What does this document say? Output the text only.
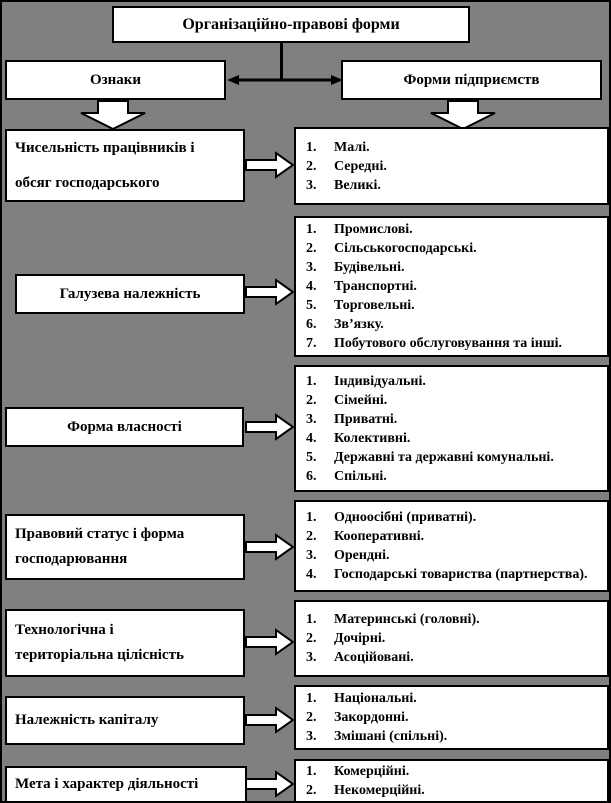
Організаційно-правові форми
Ознаки	Форми підприємств
Чисельність працівників і
обсяг господарського
1.	Малі.
2.	Середні.
3.	Великі.
Галузева належність
1.	Промислові.
2.	Сільськогосподарські.
3.	Будівельні.
4.	Транспортні.
5.	Торговельні.
6.	Зв’язку.
7.	Побутового обслуговування та інші.
Форма власності
1.	Індивідуальні.
2.	Сімейні.
3.	Приватні.
4.	Колективні.
5.	Державні та державні комунальні.
6.	Спільні.
Правовий статус і форма
господарювання
1.	Одноосібні (приватні).
2.	Кооперативні.
3.	Орендні.
4.	Господарські товариства (партнерства).
Технологічна і
територіальна цілісність
1.	Материнські (головні).
2.	Дочірні.
3.	Асоційовані.
Належність капіталу
1.	Національні.
2.	Закордонні.
3.	Змішані (спільні).
Мета і характер діяльності
1.	Комерційні.
2.	Некомерційні.
